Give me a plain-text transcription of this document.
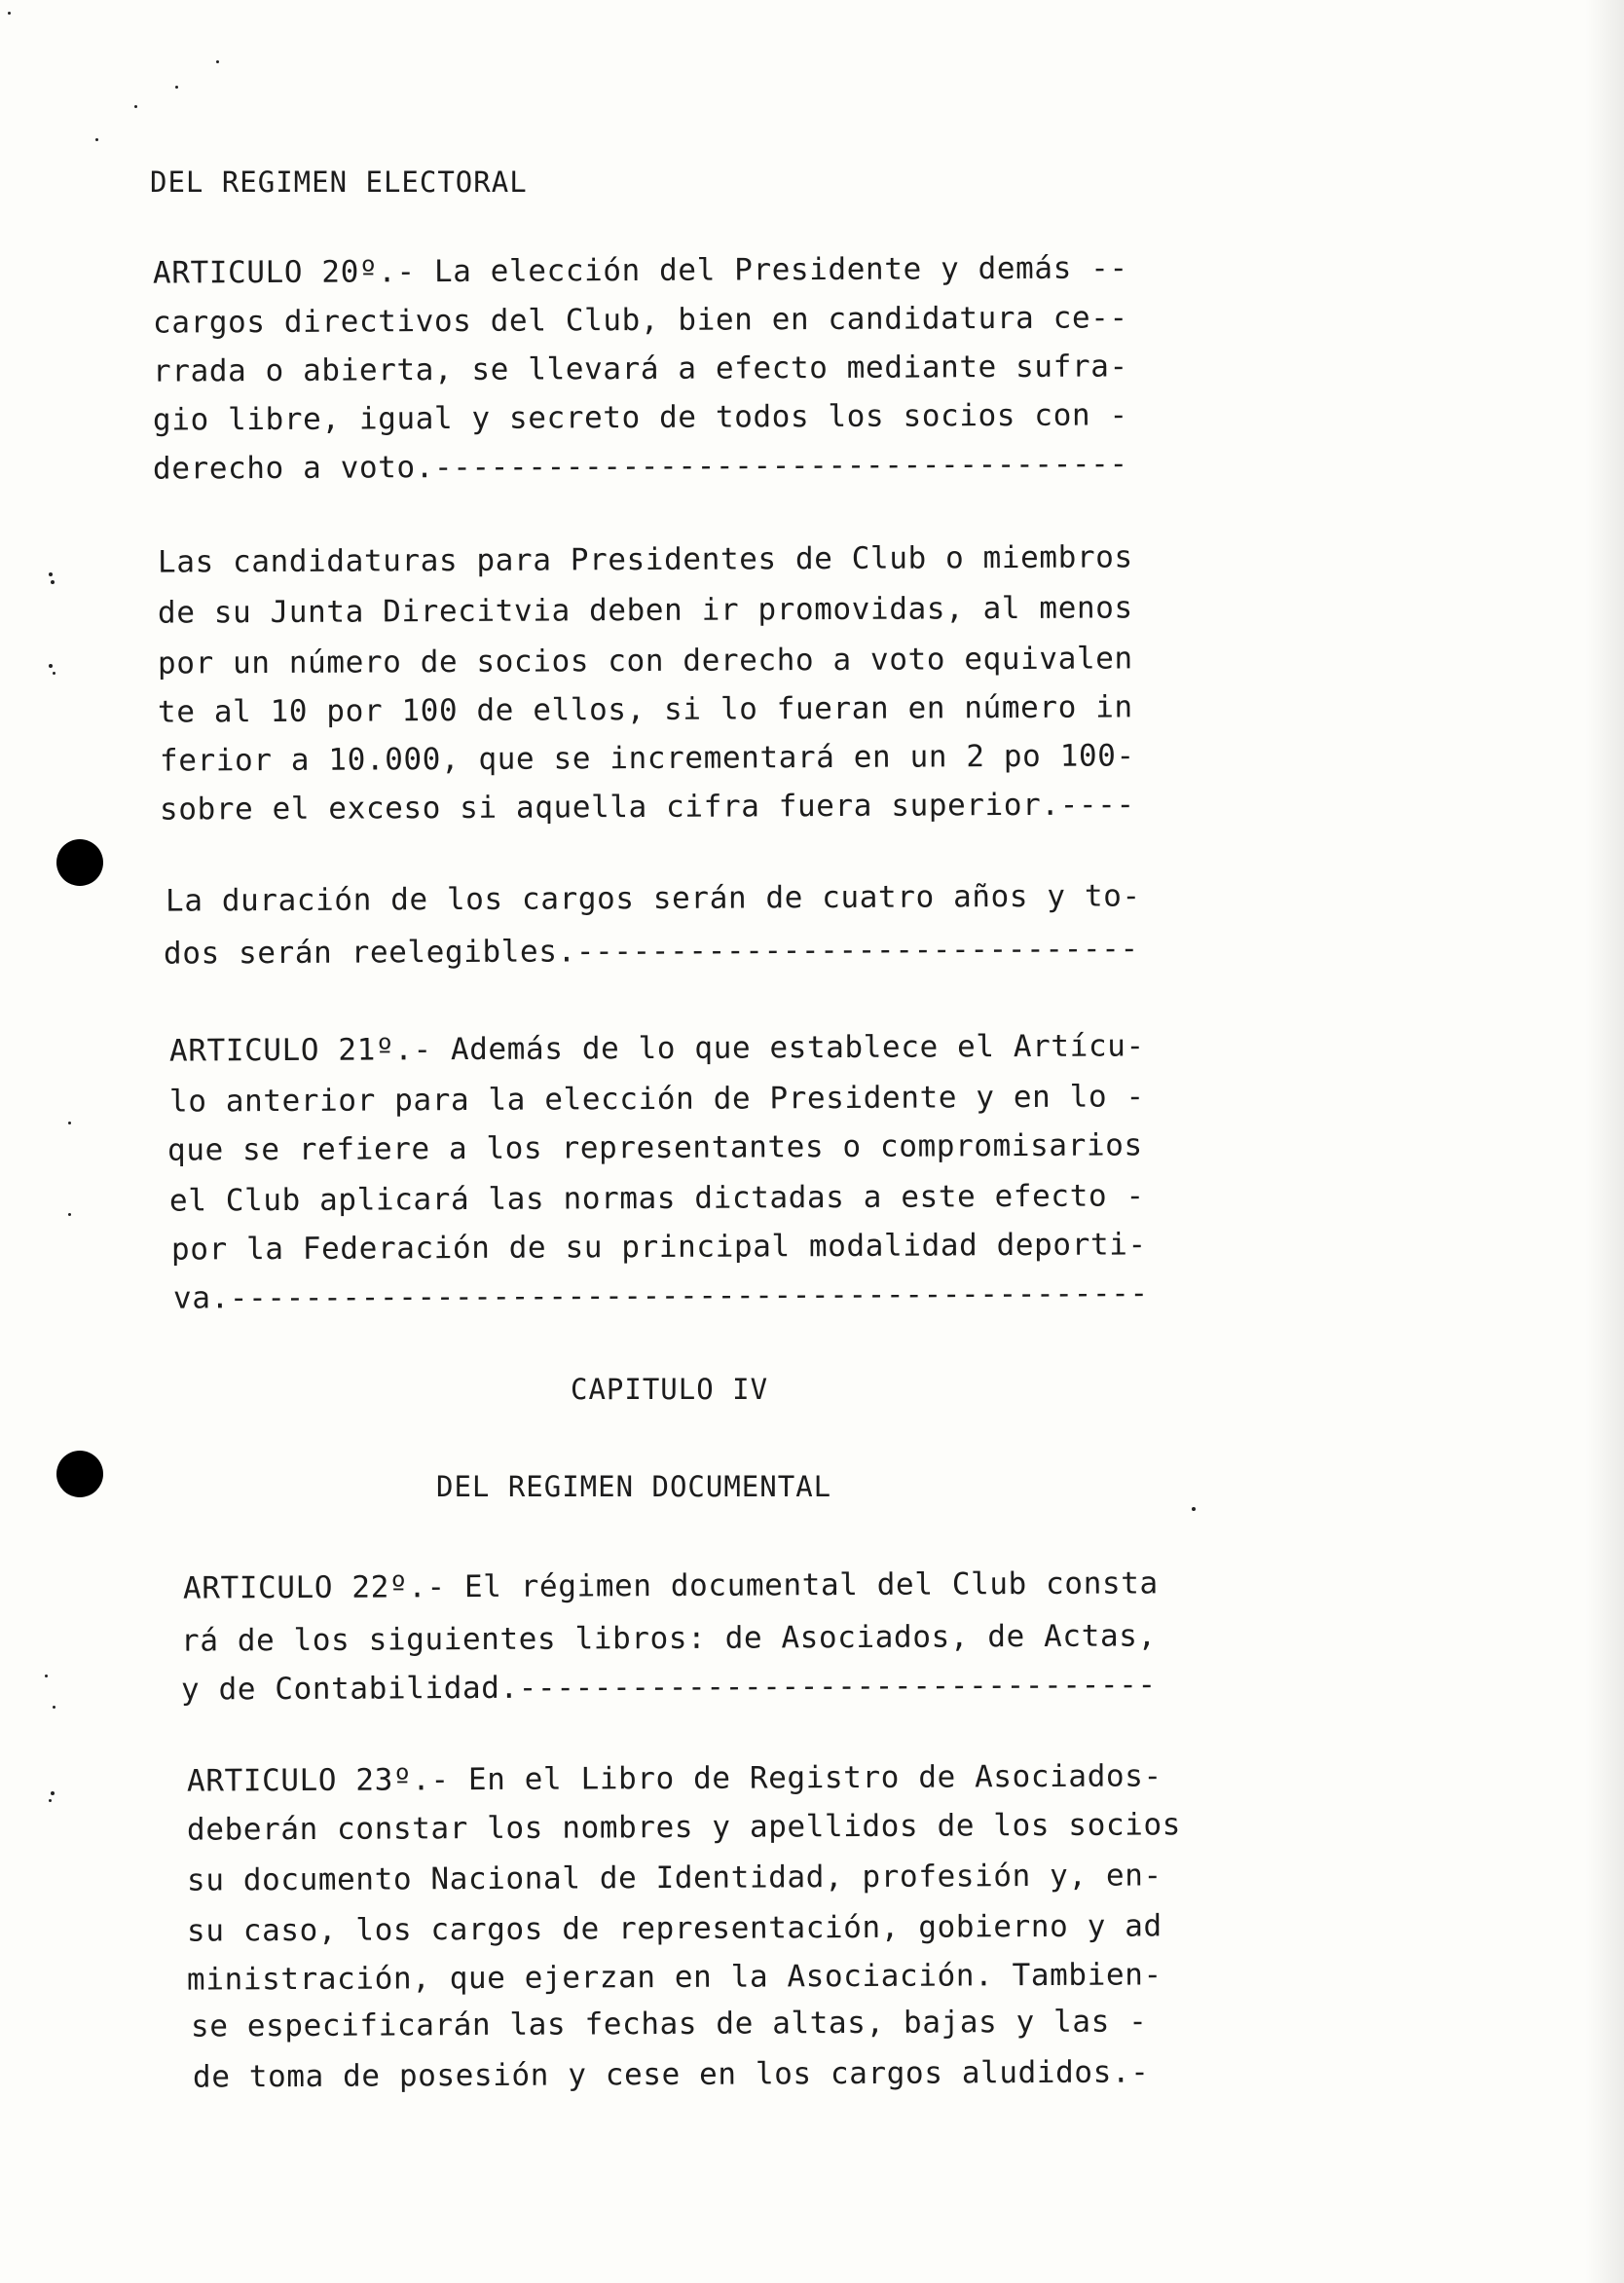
DEL REGIMEN ELECTORAL
ARTICULO 20º.- La elección del Presidente y demás --
cargos directivos del Club, bien en candidatura ce--
rrada o abierta, se llevará a efecto mediante sufra-
gio libre, igual y secreto de todos los socios con -
derecho a voto.-------------------------------------
Las candidaturas para Presidentes de Club o miembros
de su Junta Direcitvia deben ir promovidas, al menos
por un número de socios con derecho a voto equivalen
te al 10 por 100 de ellos, si lo fueran en número in
ferior a 10.000, que se incrementará en un 2 po 100-
sobre el exceso si aquella cifra fuera superior.----
La duración de los cargos serán de cuatro años y to-
dos serán reelegibles.------------------------------
ARTICULO 21º.- Además de lo que establece el Artícu-
lo anterior para la elección de Presidente y en lo -
que se refiere a los representantes o compromisarios
el Club aplicará las normas dictadas a este efecto -
por la Federación de su principal modalidad deporti-
va.-------------------------------------------------
CAPITULO IV
DEL REGIMEN DOCUMENTAL
ARTICULO 22º.- El régimen documental del Club consta
rá de los siguientes libros: de Asociados, de Actas,
y de Contabilidad.----------------------------------
ARTICULO 23º.- En el Libro de Registro de Asociados-
deberán constar los nombres y apellidos de los socios
su documento Nacional de Identidad, profesión y, en-
su caso, los cargos de representación, gobierno y ad
ministración, que ejerzan en la Asociación. Tambien-
se especificarán las fechas de altas, bajas y las -
de toma de posesión y cese en los cargos aludidos.-
